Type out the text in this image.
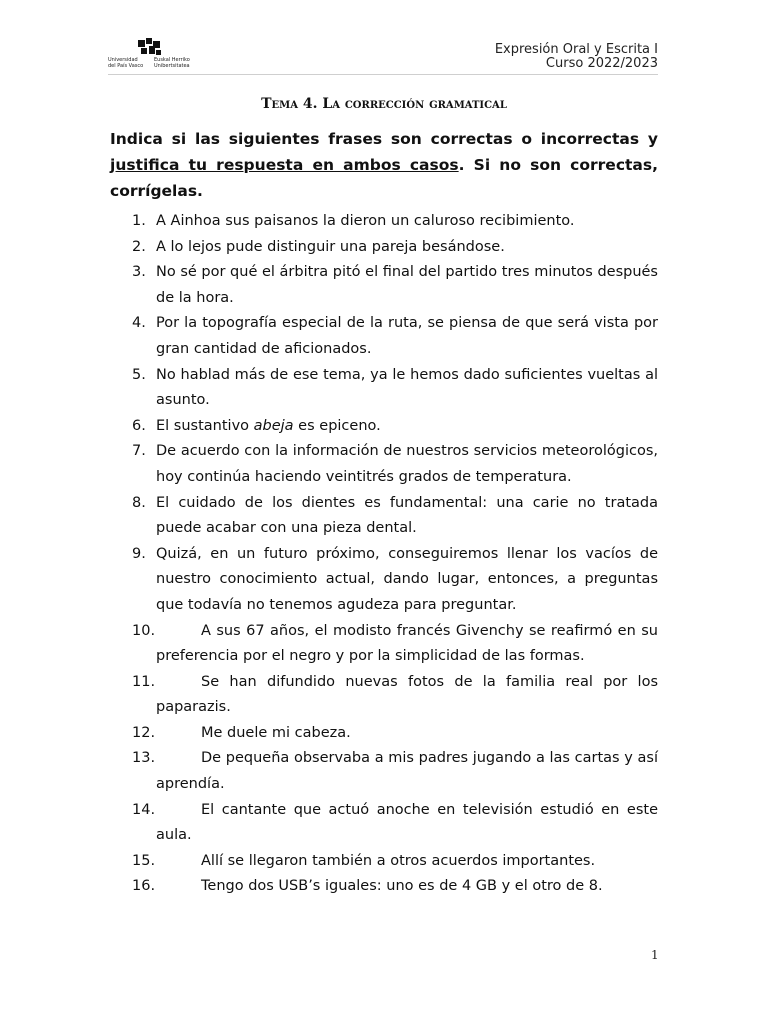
Universidad
del País Vasco
Euskal Herriko
Unibertsitatea
Expresión Oral y Escrita I
Curso 2022/2023
Tema 4. La corrección gramatical
Indica si las siguientes frases son correctas o incorrectas y justifica tu respuesta en ambos casos. Si no son correctas, corrígelas.
1. A Ainhoa sus paisanos la dieron un caluroso recibimiento.
2. A lo lejos pude distinguir una pareja besándose.
3. No sé por qué el árbitra pitó el final del partido tres minutos después de la hora.
4. Por la topografía especial de la ruta, se piensa de que será vista por gran cantidad de aficionados.
5. No hablad más de ese tema, ya le hemos dado suficientes vueltas al asunto.
6. El sustantivo abeja es epiceno.
7. De acuerdo con la información de nuestros servicios meteorológicos, hoy continúa haciendo veintitrés grados de temperatura.
8. El cuidado de los dientes es fundamental: una carie no tratada puede acabar con una pieza dental.
9. Quizá, en un futuro próximo, conseguiremos llenar los vacíos de nuestro conocimiento actual, dando lugar, entonces, a preguntas que todavía no tenemos agudeza para preguntar.
10.	A sus 67 años, el modisto francés Givenchy se reafirmó en su preferencia por el negro y por la simplicidad de las formas.
11.	Se han difundido nuevas fotos de la familia real por los paparazis.
12.	Me duele mi cabeza.
13.	De pequeña observaba a mis padres jugando a las cartas y así aprendía.
14.	El cantante que actuó anoche en televisión estudió en este aula.
15.	Allí se llegaron también a otros acuerdos importantes.
16.	Tengo dos USB’s iguales: uno es de 4 GB y el otro de 8.
1
